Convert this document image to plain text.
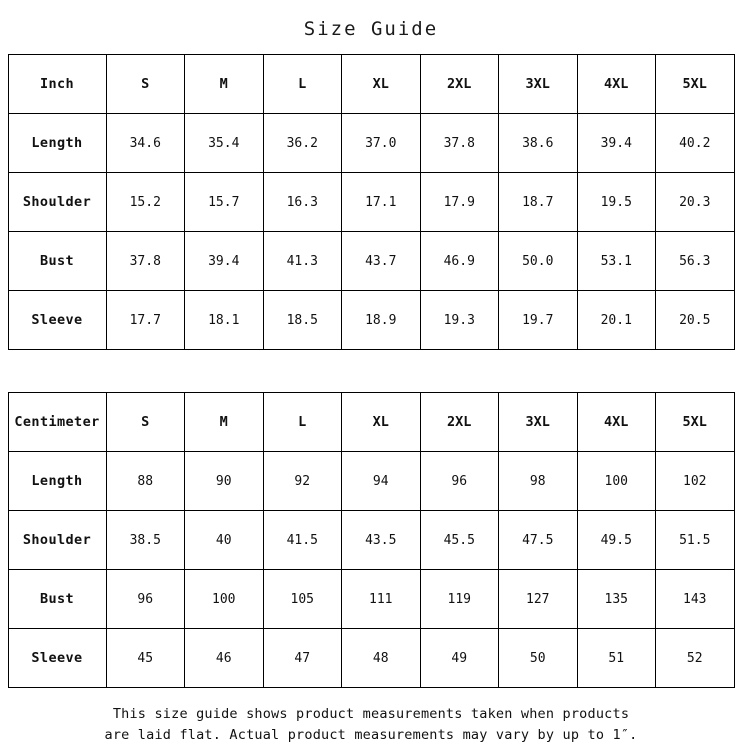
Size Guide
Inch	S	M	L	XL	2XL	3XL	4XL	5XL
Length	34.6	35.4	36.2	37.0	37.8	38.6	39.4	40.2
Shoulder	15.2	15.7	16.3	17.1	17.9	18.7	19.5	20.3
Bust	37.8	39.4	41.3	43.7	46.9	50.0	53.1	56.3
Sleeve	17.7	18.1	18.5	18.9	19.3	19.7	20.1	20.5
Centimeter	S	M	L	XL	2XL	3XL	4XL	5XL
Length	88	90	92	94	96	98	100	102
Shoulder	38.5	40	41.5	43.5	45.5	47.5	49.5	51.5
Bust	96	100	105	111	119	127	135	143
Sleeve	45	46	47	48	49	50	51	52
This size guide shows product measurements taken when products
are laid flat. Actual product measurements may vary by up to 1″.
